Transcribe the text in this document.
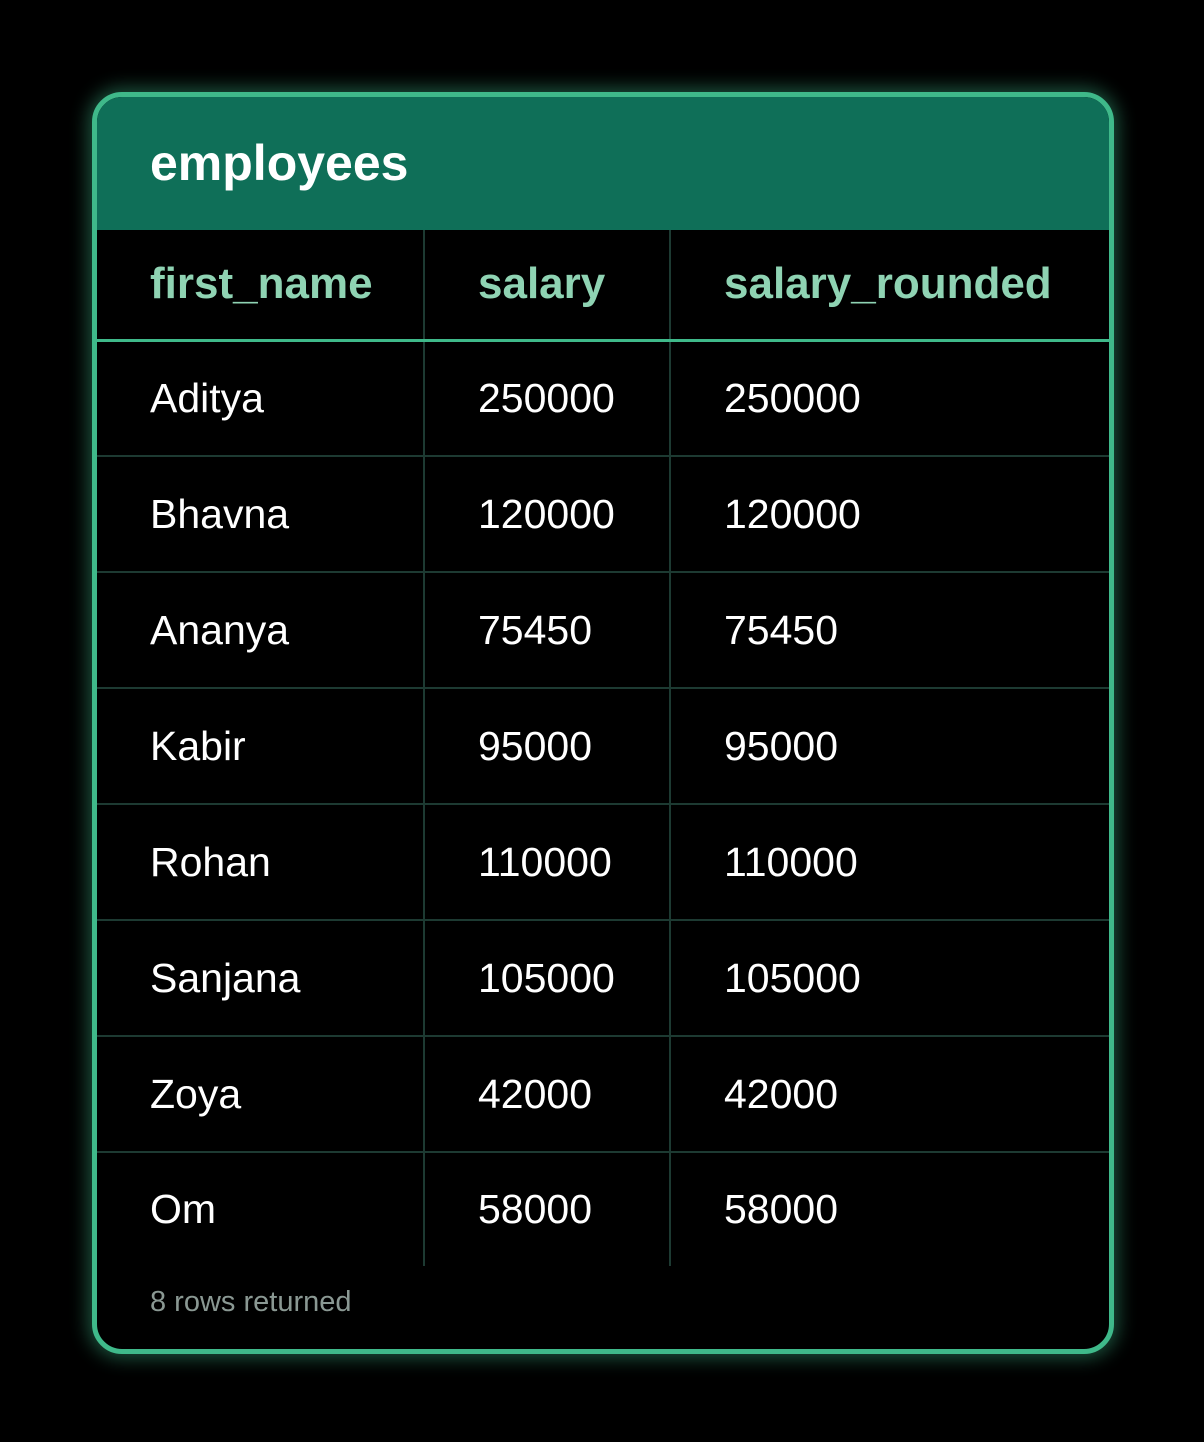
employees
first_name	salary	salary_rounded
Aditya	250000	250000
Bhavna	120000	120000
Ananya	75450	75450
Kabir	95000	95000
Rohan	110000	110000
Sanjana	105000	105000
Zoya	42000	42000
Om	58000	58000
8 rows returned
